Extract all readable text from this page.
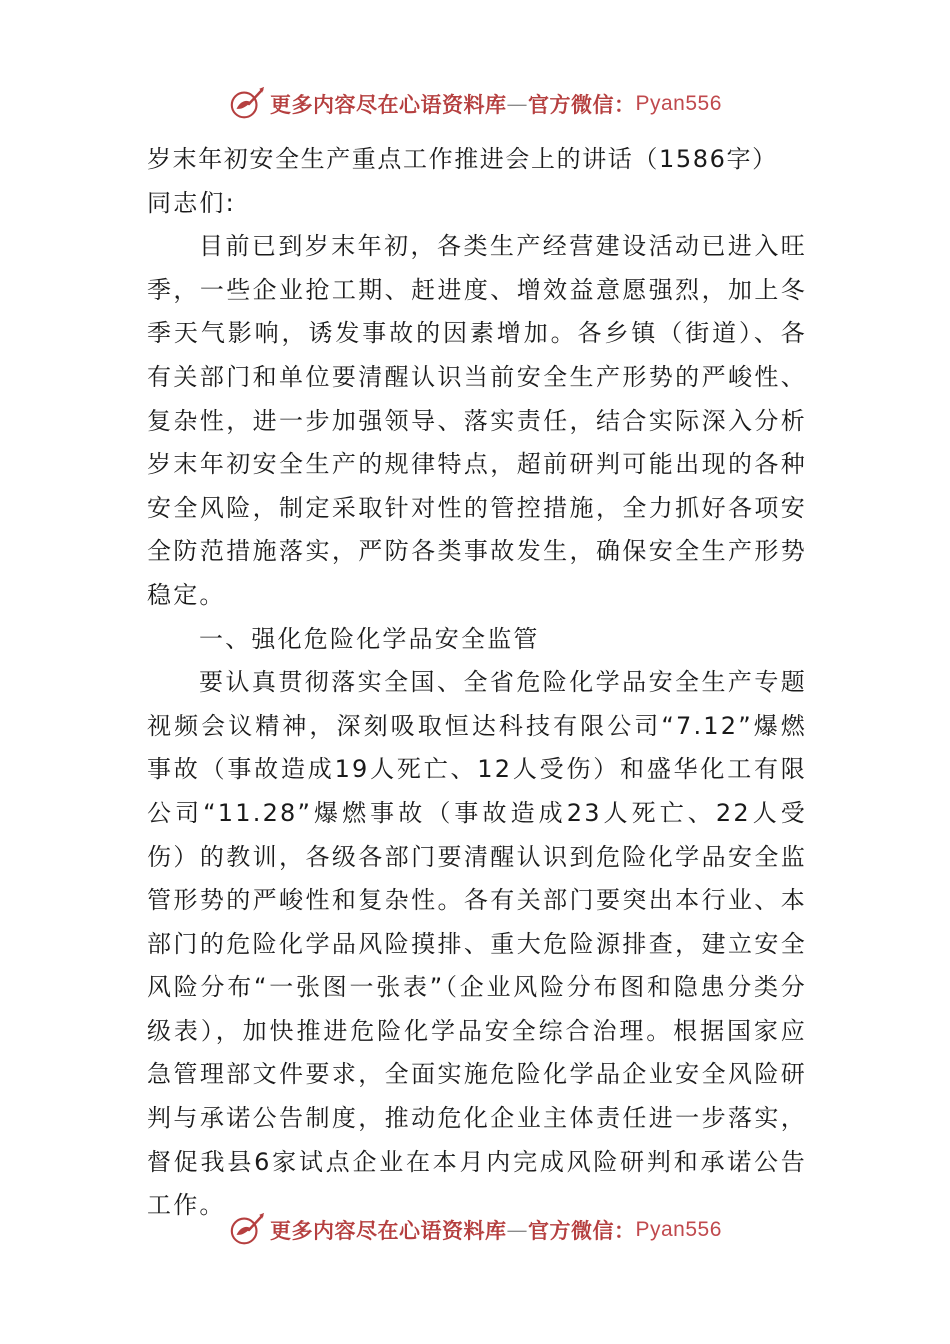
更多内容尽在心语资料库 — 官方微信： Pyan556

岁末年初安全生产重点工作推进会上的讲话（1586字）

同志们:

目前已到岁末年初，各类生产经营建设活动已进入旺季，一些企业抢工期、赶进度、增效益意愿强烈，加上冬季天气影响，诱发事故的因素增加。各乡镇（街道）、各有关部门和单位要清醒认识当前安全生产形势的严峻性、复杂性，进一步加强领导、落实责任，结合实际深入分析岁末年初安全生产的规律特点，超前研判可能出现的各种安全风险，制定采取针对性的管控措施，全力抓好各项安全防范措施落实，严防各类事故发生，确保安全生产形势稳定。

一、强化危险化学品安全监管

要认真贯彻落实全国、全省危险化学品安全生产专题视频会议精神，深刻吸取恒达科技有限公司“7.12”爆燃事故（事故造成19人死亡、12人受伤）和盛华化工有限公司“11.28”爆燃事故（事故造成23人死亡、22人受伤）的教训，各级各部门要清醒认识到危险化学品安全监管形势的严峻性和复杂性。各有关部门要突出本行业、本部门的危险化学品风险摸排、重大危险源排查，建立安全风险分布“一张图一张表”（企业风险分布图和隐患分类分级表），加快推进危险化学品安全综合治理。根据国家应急管理部文件要求，全面实施危险化学品企业安全风险研判与承诺公告制度，推动危化企业主体责任进一步落实，督促我县6家试点企业在本月内完成风险研判和承诺公告工作。

更多内容尽在心语资料库 — 官方微信： Pyan556
